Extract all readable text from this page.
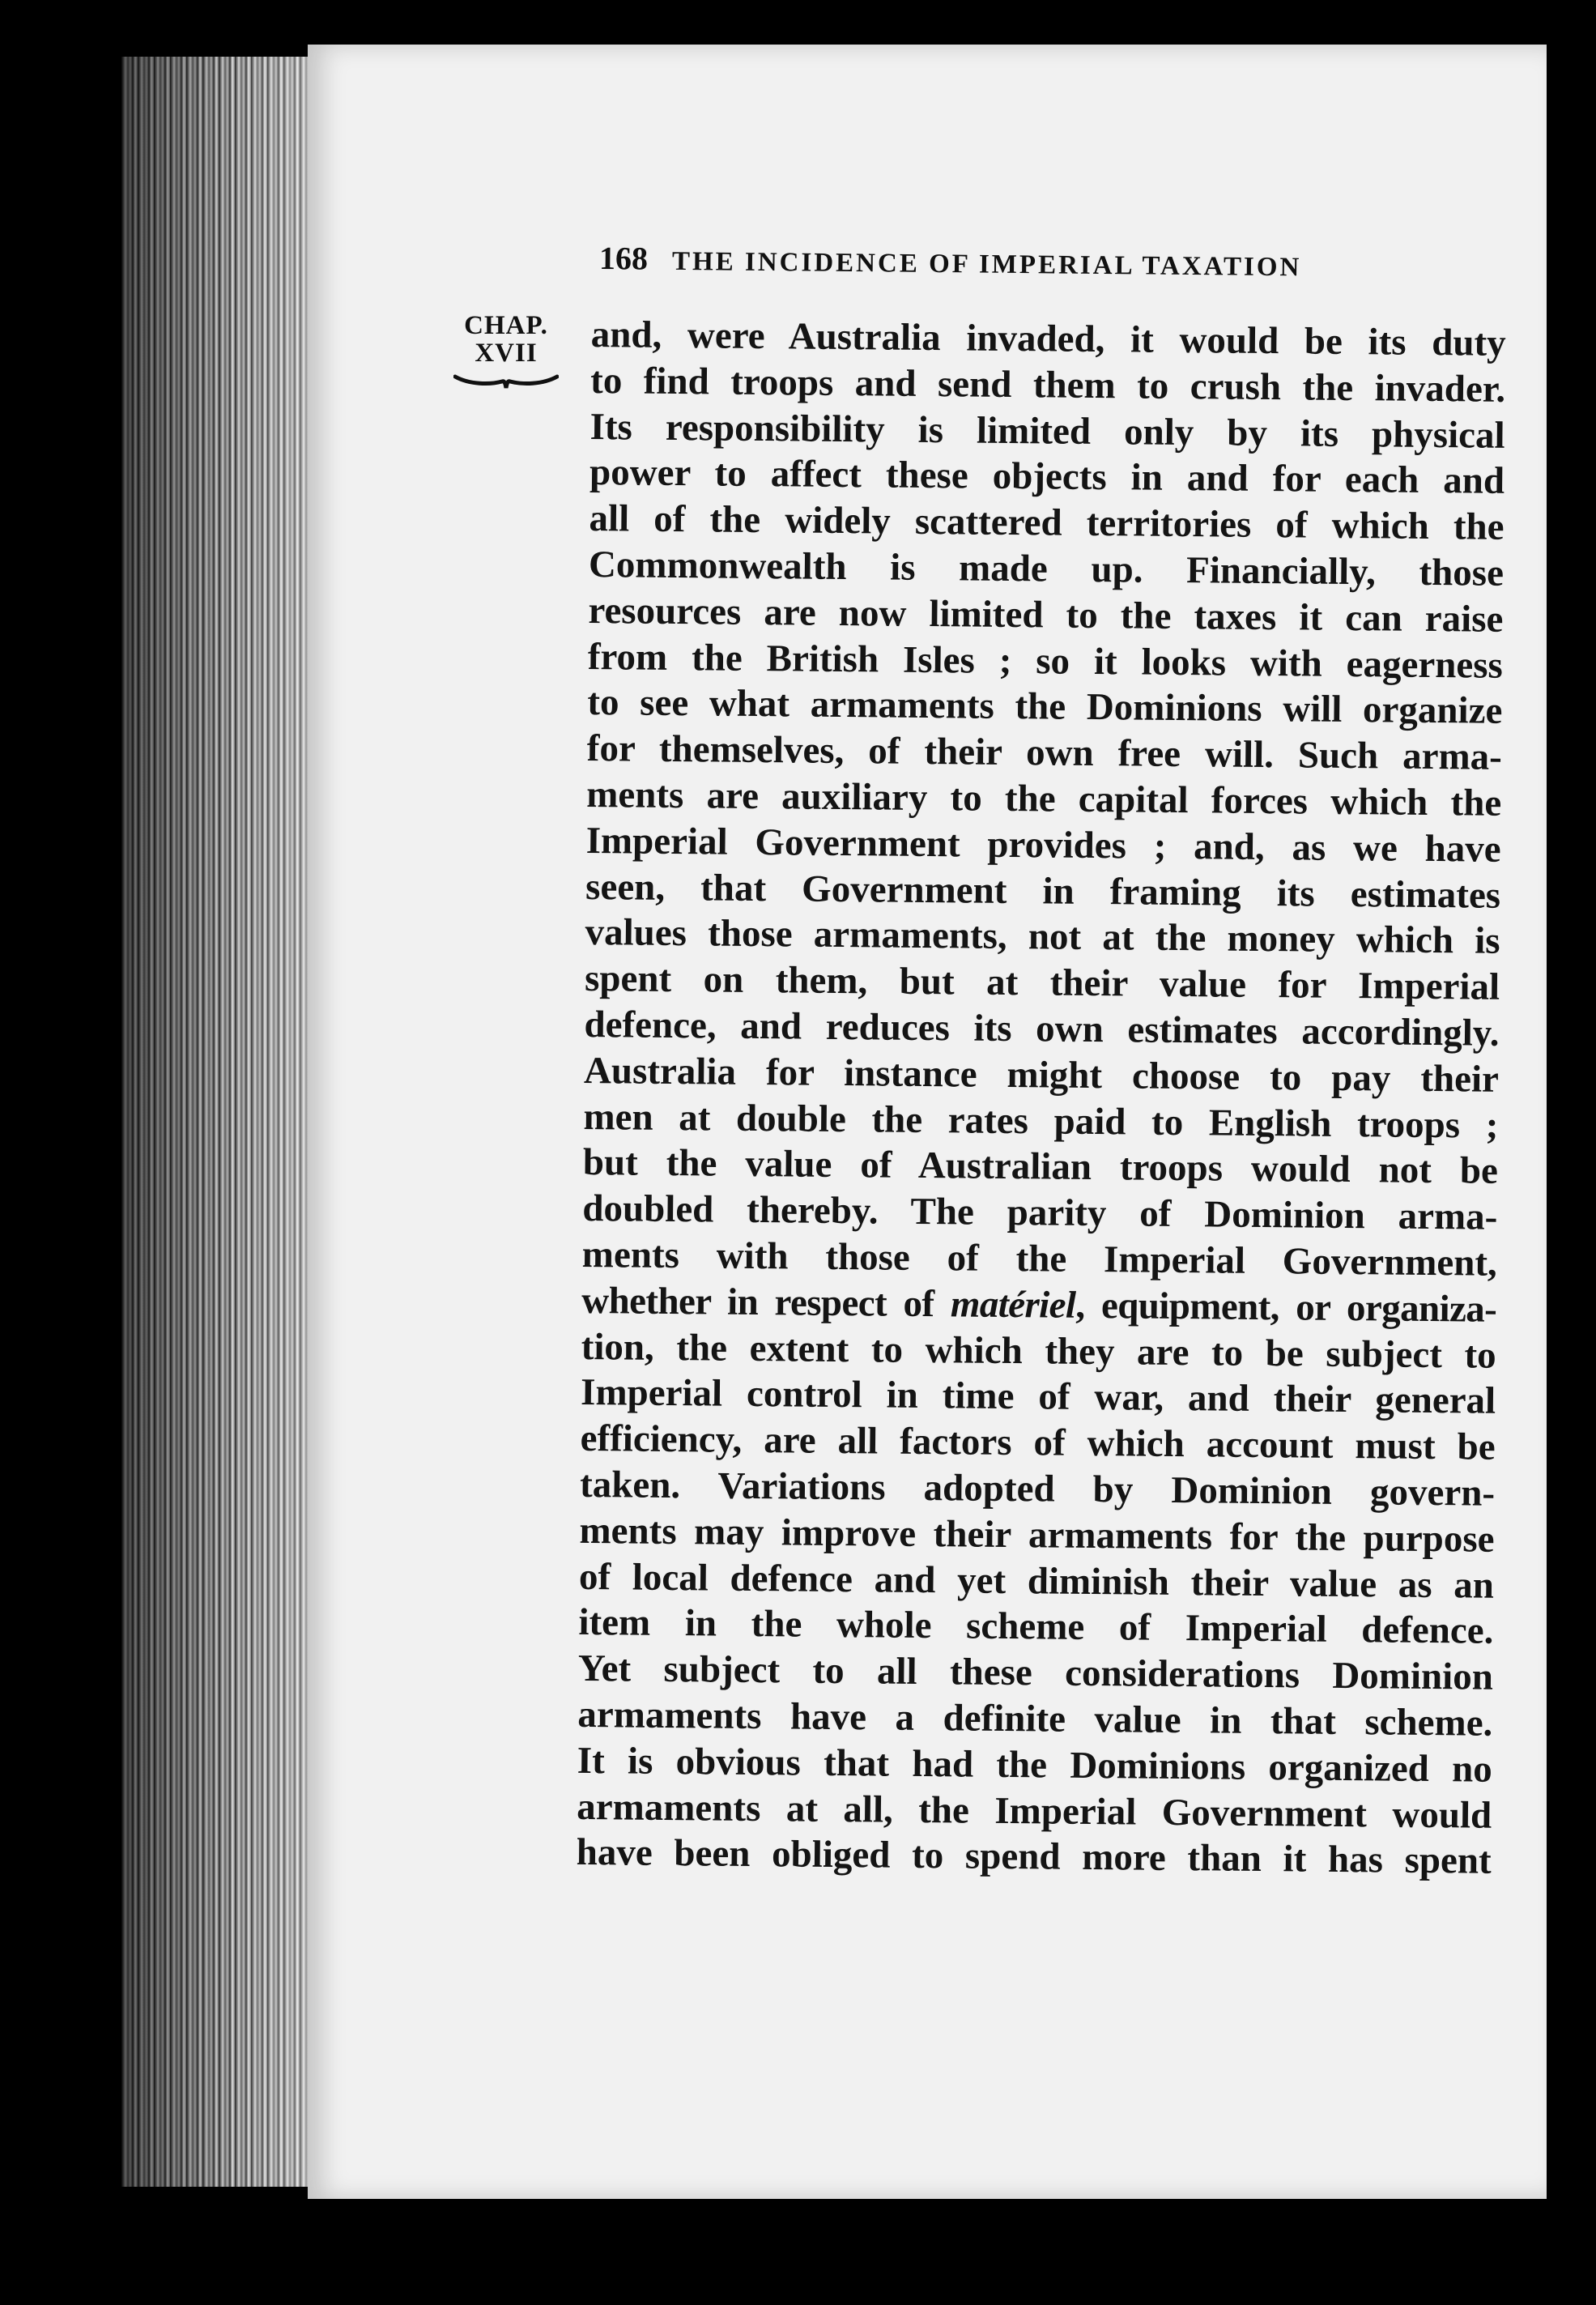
168 THE INCIDENCE OF IMPERIAL TAXATION
CHAP.
XVII	and, were Australia invaded, it would be its duty
to find troops and send them to crush the invader.
Its responsibility is limited only by its physical
power to affect these objects in and for each and
all of the widely scattered territories of which the
Commonwealth is made up. Financially, those
resources are now limited to the taxes it can raise
from the British Isles ; so it looks with eagerness
to see what armaments the Dominions will organize
for themselves, of their own free will. Such arma-
ments are auxiliary to the capital forces which the
Imperial Government provides ; and, as we have
seen, that Government in framing its estimates
values those armaments, not at the money which is
spent on them, but at their value for Imperial
defence, and reduces its own estimates accordingly.
Australia for instance might choose to pay their
men at double the rates paid to English troops ;
but the value of Australian troops would not be
doubled thereby. The parity of Dominion arma-
ments with those of the Imperial Government,
whether in respect of matériel, equipment, or organiza-
tion, the extent to which they are to be subject to
Imperial control in time of war, and their general
efficiency, are all factors of which account must be
taken. Variations adopted by Dominion govern-
ments may improve their armaments for the purpose
of local defence and yet diminish their value as an
item in the whole scheme of Imperial defence.
Yet subject to all these considerations Dominion
armaments have a definite value in that scheme.
It is obvious that had the Dominions organized no
armaments at all, the Imperial Government would
have been obliged to spend more than it has spent
